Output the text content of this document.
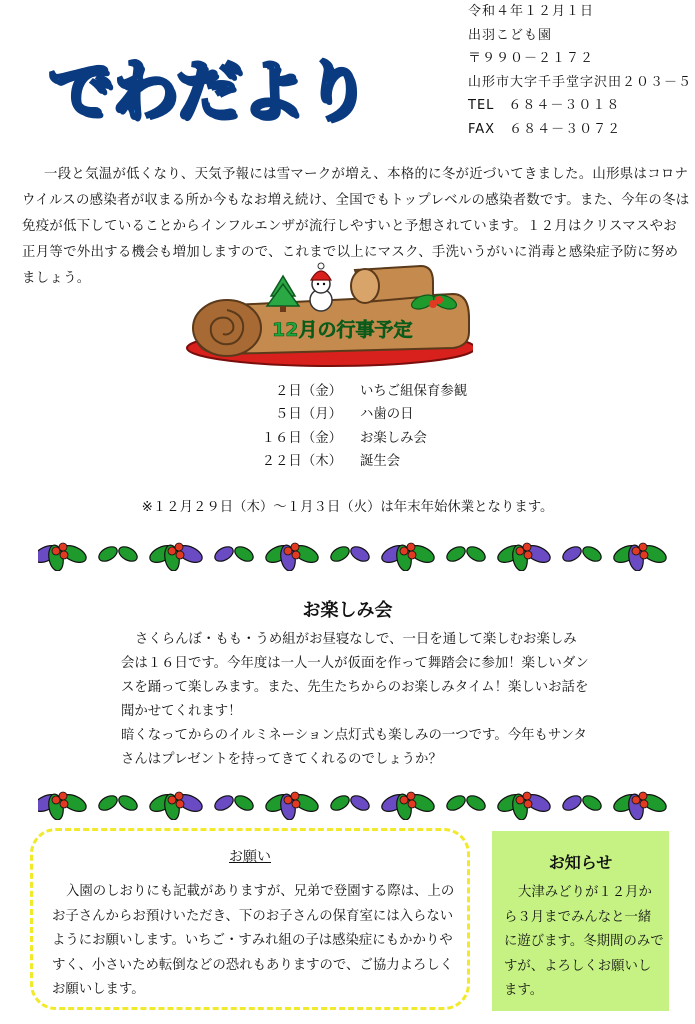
でわだより
令和４年１２月１日
出羽こども園
〒９９０－２１７２
山形市大字千手堂字沢田２０３－５
TEL　６８４－３０１８
FAX　６８４－３０７２
一段と気温が低くなり、天気予報には雪マークが増え、本格的に冬が近づいてきました。山形県はコロナウイルスの感染者が収まる所か今もなお増え続け、全国でもトップレベルの感染者数です。また、今年の冬は免疫が低下していることからインフルエンザが流行しやすいと予想されています。１２月はクリスマスやお正月等で外出する機会も増加しますので、これまで以上にマスク、手洗いうがいに消毒と感染症予防に努めましょう。
12月の行事予定
２日（金）	いちご組保育参観
５日（月）	ハ歯の日
１６日（金）	お楽しみ会
２２日（木）	誕生会
※１２月２９日（木）～１月３日（火）は年末年始休業となります。
お楽しみ会

さくらんぼ・もも・うめ組がお昼寝なしで、一日を通して楽しむお楽しみ会は１６日です。今年度は一人一人が仮面を作って舞踏会に参加！楽しいダンスを踊って楽しみます。また、先生たちからのお楽しみタイム！楽しいお話を聞かせてくれます！

暗くなってからのイルミネーション点灯式も楽しみの一つです。今年もサンタさんはプレゼントを持ってきてくれるのでしょうか？

お願い

入園のしおりにも記載がありますが、兄弟で登園する際は、上のお子さんからお預けいただき、下のお子さんの保育室には入らないようにお願いします。いちご・すみれ組の子は感染症にもかかりやすく、小さいため転倒などの恐れもありますので、ご協力よろしくお願いします。

お知らせ

大津みどりが１２月から３月までみんなと一緒に遊びます。冬期間のみですが、よろしくお願いします。
